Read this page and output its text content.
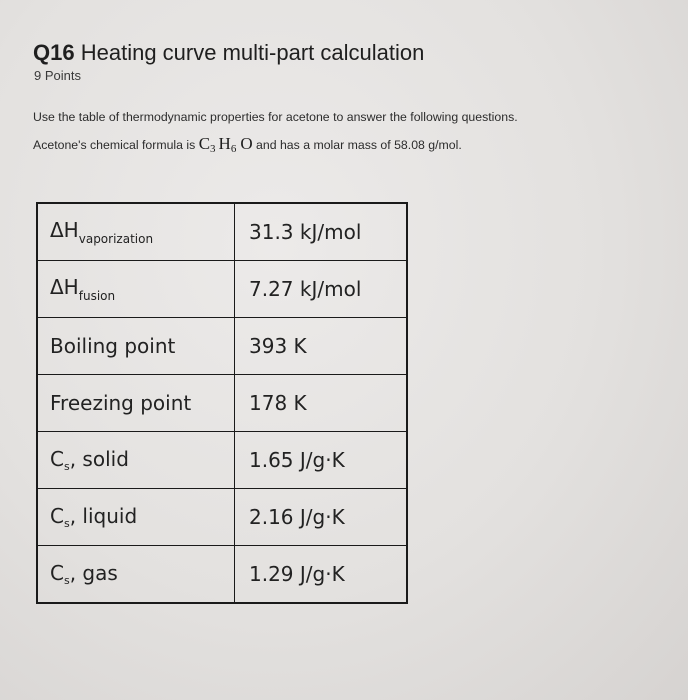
Q16 Heating curve multi-part calculation
9 Points
Use the table of thermodynamic properties for acetone to answer the following questions.
Acetone's chemical formula is $C_3$ $H_6$ O and has a molar mass of 58.08 g/mol.
$\Delta H_{vaporization}$	31.3 kJ/mol
$\Delta H_{fusion}$	7.27 kJ/mol
Boiling point	393 K
Freezing point	178 K
$C_s$, solid	1.65 J/g·K
$C_s$, liquid	2.16 J/g·K
$C_s$, gas	1.29 J/g·K
